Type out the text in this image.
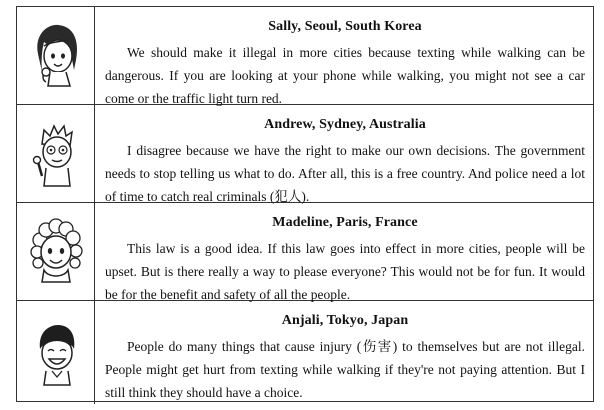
Sally, Seoul, South Korea

We should make it illegal in more cities because texting while walking can be dangerous. If you are looking at your phone while walking, you might not see a car come or the traffic light turn red.

Andrew, Sydney, Australia

I disagree because we have the right to make our own decisions. The government needs to stop telling us what to do. After all, this is a free country. And police need a lot of time to catch real criminals (犯人).

Madeline, Paris, France

This law is a good idea. If this law goes into effect in more cities, people will be upset. But is there really a way to please everyone? This would not be for fun. It would be for the benefit and safety of all the people.

Anjali, Tokyo, Japan

People do many things that cause injury (伤害) to themselves but are not illegal. People might get hurt from texting while walking if they're not paying attention. But I still think they should have a choice.
